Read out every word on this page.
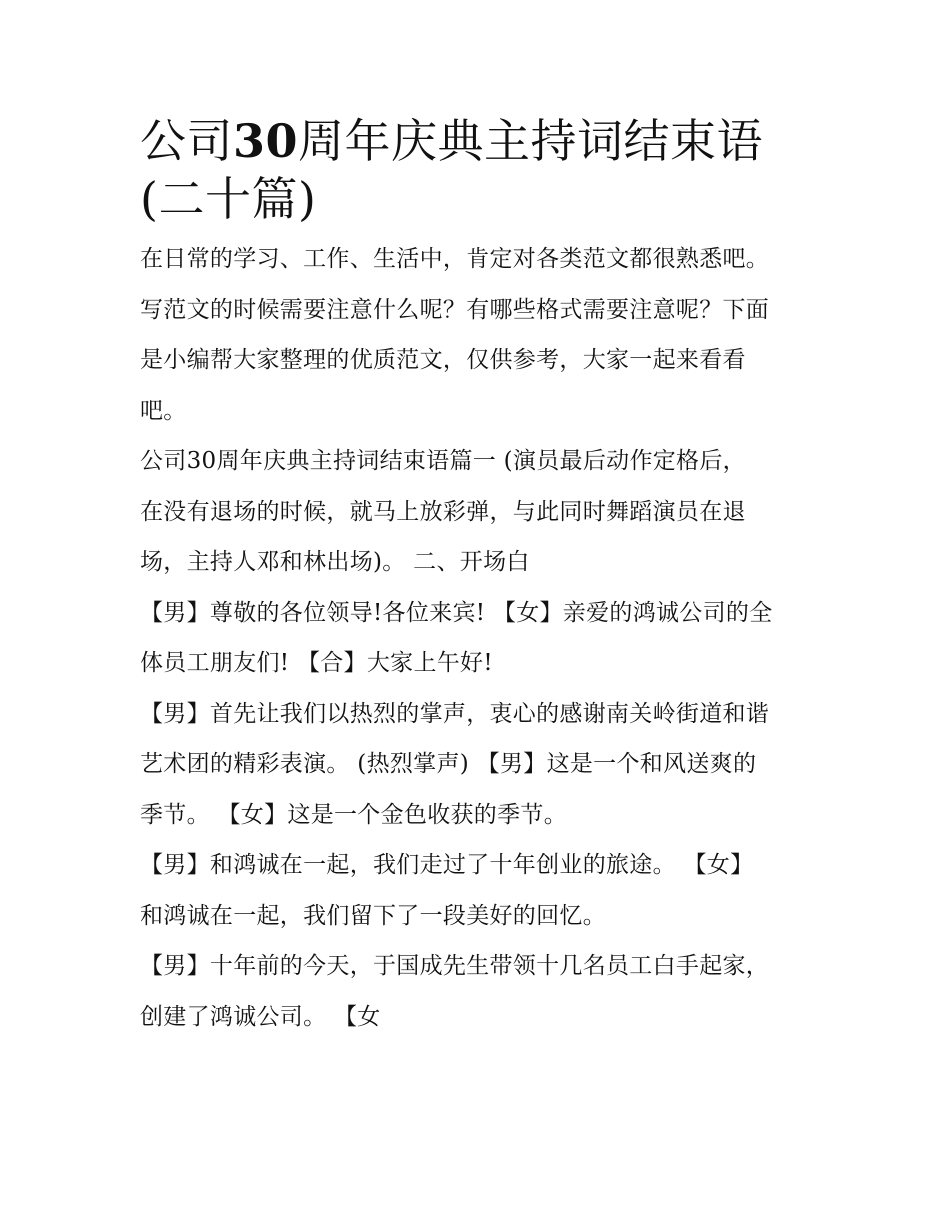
公司30周年庆典主持词结束语
(二十篇)

在日常的学习、工作、生活中，肯定对各类范文都很熟悉吧。
写范文的时候需要注意什么呢？有哪些格式需要注意呢？下面
是小编帮大家整理的优质范文，仅供参考，大家一起来看看
吧。

公司30周年庆典主持词结束语篇一 (演员最后动作定格后，
在没有退场的时候，就马上放彩弹，与此同时舞蹈演员在退
场，主持人邓和林出场)。 二、开场白

【男】尊敬的各位领导!各位来宾! 【女】亲爱的鸿诚公司的全
体员工朋友们! 【合】大家上午好!

【男】首先让我们以热烈的掌声，衷心的感谢南关岭街道和谐
艺术团的精彩表演。 (热烈掌声) 【男】这是一个和风送爽的
季节。 【女】这是一个金色收获的季节。

【男】和鸿诚在一起，我们走过了十年创业的旅途。 【女】
和鸿诚在一起，我们留下了一段美好的回忆。

【男】十年前的今天，于国成先生带领十几名员工白手起家，
创建了鸿诚公司。 【女
